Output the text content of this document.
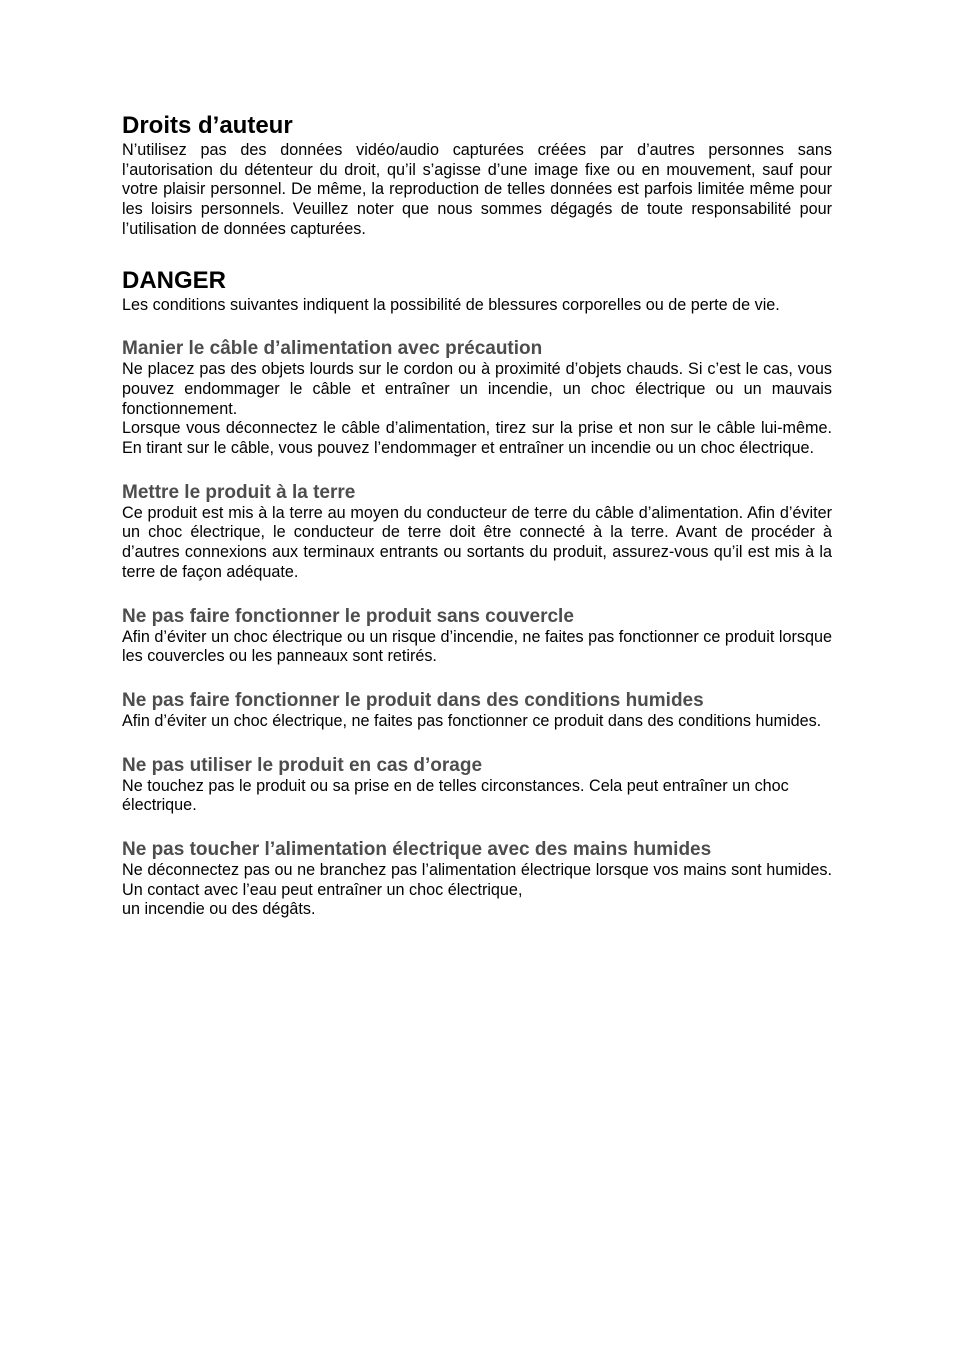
Droits d’auteur

N’utilisez pas des données vidéo/audio capturées créées par d’autres personnes sans l’autorisation du détenteur du droit, qu’il s’agisse d’une image fixe ou en mouvement, sauf pour votre plaisir personnel. De même, la reproduction de telles données est parfois limitée même pour les loisirs personnels. Veuillez noter que nous sommes dégagés de toute responsabilité pour l’utilisation de données capturées.

DANGER

Les conditions suivantes indiquent la possibilité de blessures corporelles ou de perte de vie.

Manier le câble d’alimentation avec précaution

Ne placez pas des objets lourds sur le cordon ou à proximité d’objets chauds. Si c’est le cas, vous pouvez endommager le câble et entraîner un incendie, un choc électrique ou un mauvais fonctionnement.

Lorsque vous déconnectez le câble d’alimentation, tirez sur la prise et non sur le câble lui-même. En tirant sur le câble, vous pouvez l’endommager et entraîner un incendie ou un choc électrique.

Mettre le produit à la terre

Ce produit est mis à la terre au moyen du conducteur de terre du câble d’alimentation. Afin d’éviter un choc électrique, le conducteur de terre doit être connecté à la terre. Avant de procéder à d’autres connexions aux terminaux entrants ou sortants du produit, assurez-vous qu’il est mis à la terre de façon adéquate.

Ne pas faire fonctionner le produit sans couvercle

Afin d’éviter un choc électrique ou un risque d’incendie, ne faites pas fonctionner ce produit lorsque les couvercles ou les panneaux sont retirés.

Ne pas faire fonctionner le produit dans des conditions humides

Afin d’éviter un choc électrique, ne faites pas fonctionner ce produit dans des conditions humides.

Ne pas utiliser le produit en cas d’orage

Ne touchez pas le produit ou sa prise en de telles circonstances. Cela peut entraîner un choc électrique.

Ne pas toucher l’alimentation électrique avec des mains humides

Ne déconnectez pas ou ne branchez pas l’alimentation électrique lorsque vos mains sont humides. Un contact avec l’eau peut entraîner un choc électrique,

un incendie ou des dégâts.
